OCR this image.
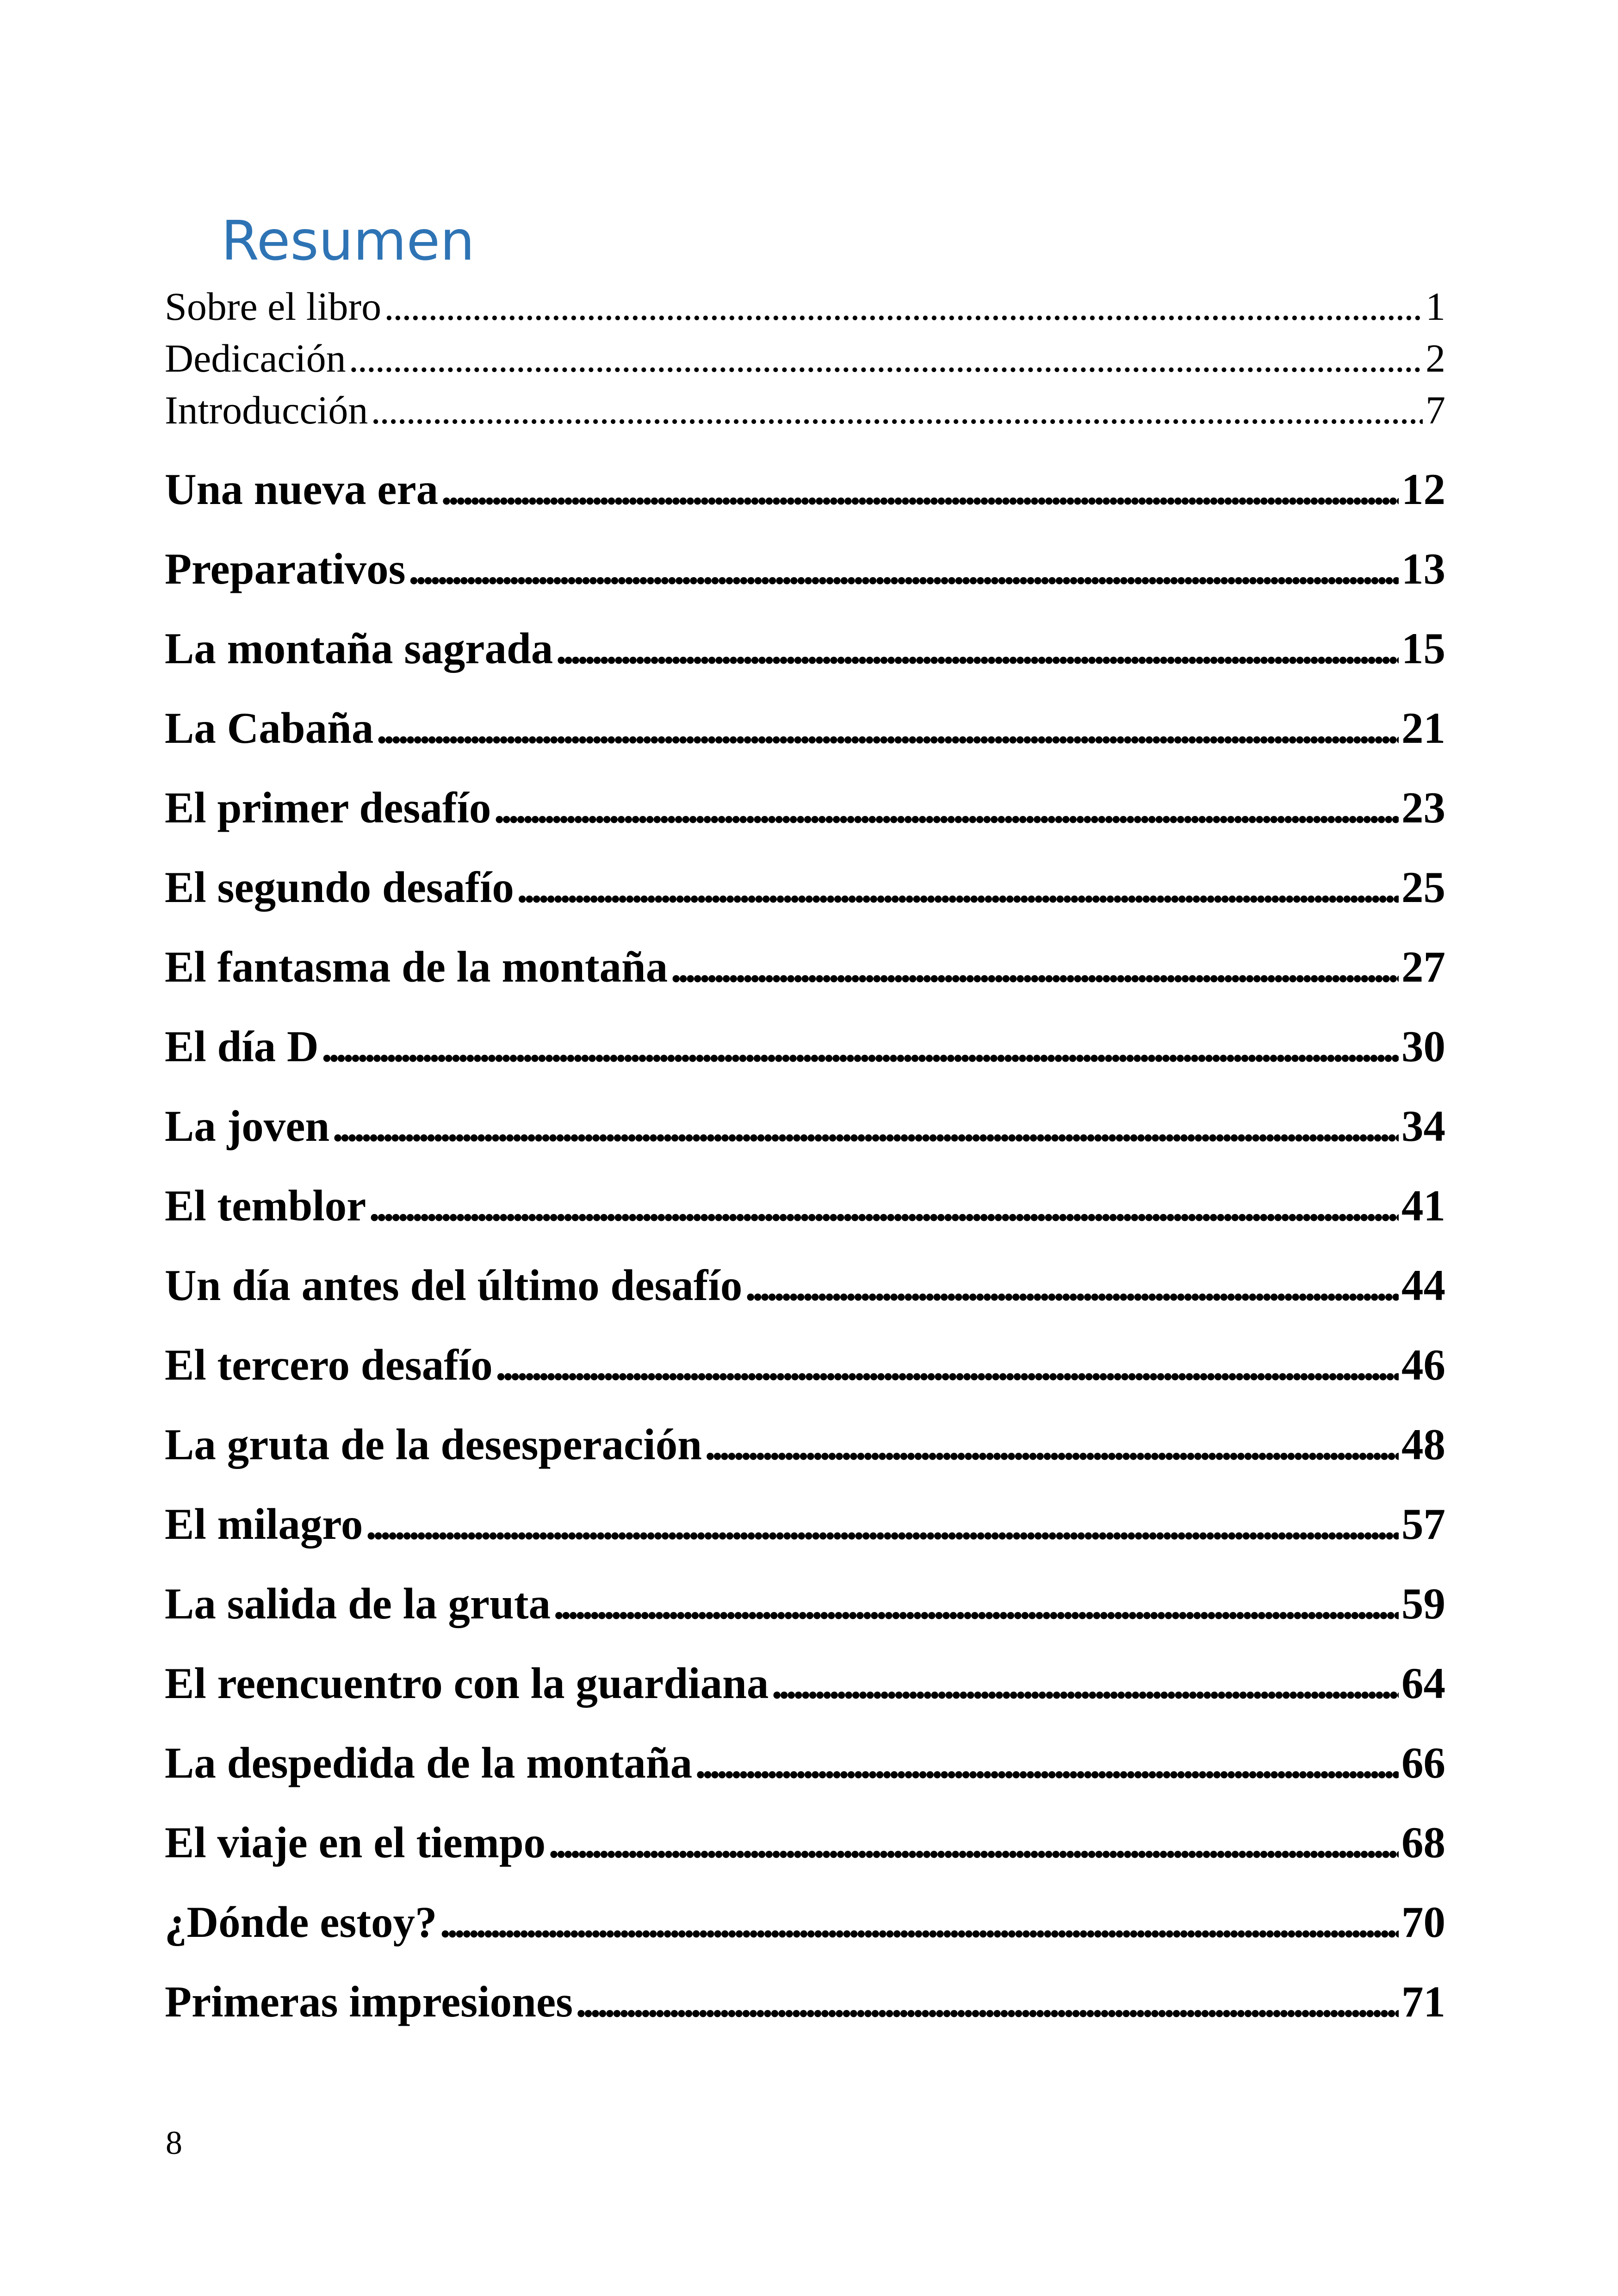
Resumen
Sobre el libro . . .	1
Dedicación . . .	2
Introducción . . .	7
Una nueva era . . .	12
Preparativos . . .	13
La montaña sagrada . . .	15
La Cabaña . . .	21
El primer desafío . . .	23
El segundo desafío . . .	25
El fantasma de la montaña . . .	27
El día D . . .	30
La joven . . .	34
El temblor . . .	41
Un día antes del último desafío . . .	44
El tercero desafío . . .	46
La gruta de la desesperación . . .	48
El milagro . . .	57
La salida de la gruta . . .	59
El reencuentro con la guardiana . . .	64
La despedida de la montaña . . .	66
El viaje en el tiempo . . .	68
¿Dónde estoy? . . .	70
Primeras impresiones . . .	71
8
